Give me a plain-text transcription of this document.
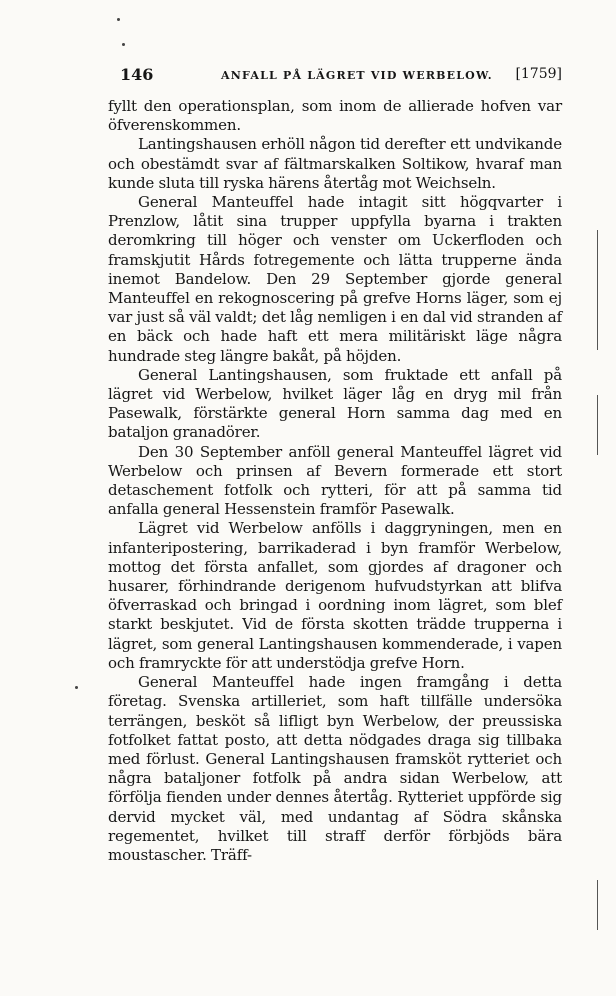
146	ANFALL PÅ LÄGRET VID WERBELOW. [1759]

fyllt den operationsplan, som inom de allierade hofven var öfverenskommen.

Lantingshausen erhöll någon tid derefter ett undvikande och obestämdt svar af fältmarskalken Soltikow, hvaraf man kunde sluta till ryska härens återtåg mot Weichseln.

General Manteuffel hade intagit sitt högqvarter i Prenzlow, låtit sina trupper uppfylla byarna i trakten deromkring till höger och venster om Uckerfloden och framskjutit Hårds fotregemente och lätta trupperne ända inemot Bandelow. Den 29 September gjorde general Manteuffel en rekognoscering på grefve Horns läger, som ej var just så väl valdt; det låg nemligen i en dal vid stranden af en bäck och hade haft ett mera militäriskt läge några hundrade steg längre bakåt, på höjden.

General Lantingshausen, som fruktade ett anfall på lägret vid Werbelow, hvilket läger låg en dryg mil från Pasewalk, förstärkte general Horn samma dag med en bataljon granadörer.

Den 30 September anföll general Manteuffel lägret vid Werbelow och prinsen af Bevern formerade ett stort detaschement fotfolk och rytteri, för att på samma tid anfalla general Hessenstein framför Pasewalk.

Lägret vid Werbelow anfölls i daggryningen, men en infanteripostering, barrikaderad i byn framför Werbelow, mottog det första anfallet, som gjordes af dragoner och husarer, förhindrande derigenom hufvudstyrkan att blifva öfverraskad och bringad i oordning inom lägret, som blef starkt beskjutet. Vid de första skotten trädde trupperna i lägret, som general Lantingshausen kommenderade, i vapen och framryckte för att understödja grefve Horn.

General Manteuffel hade ingen framgång i detta företag. Svenska artilleriet, som haft tillfälle undersöka terrängen, besköt så lifligt byn Werbelow, der preussiska fotfolket fattat posto, att detta nödgades draga sig tillbaka med förlust. General Lantingshausen framsköt rytteriet och några bataljoner fotfolk på andra sidan Werbelow, att förfölja fienden under dennes återtåg. Rytteriet uppförde sig dervid mycket väl, med undantag af Södra skånska regementet, hvilket till straff derför förbjöds bära moustascher. Träff-
